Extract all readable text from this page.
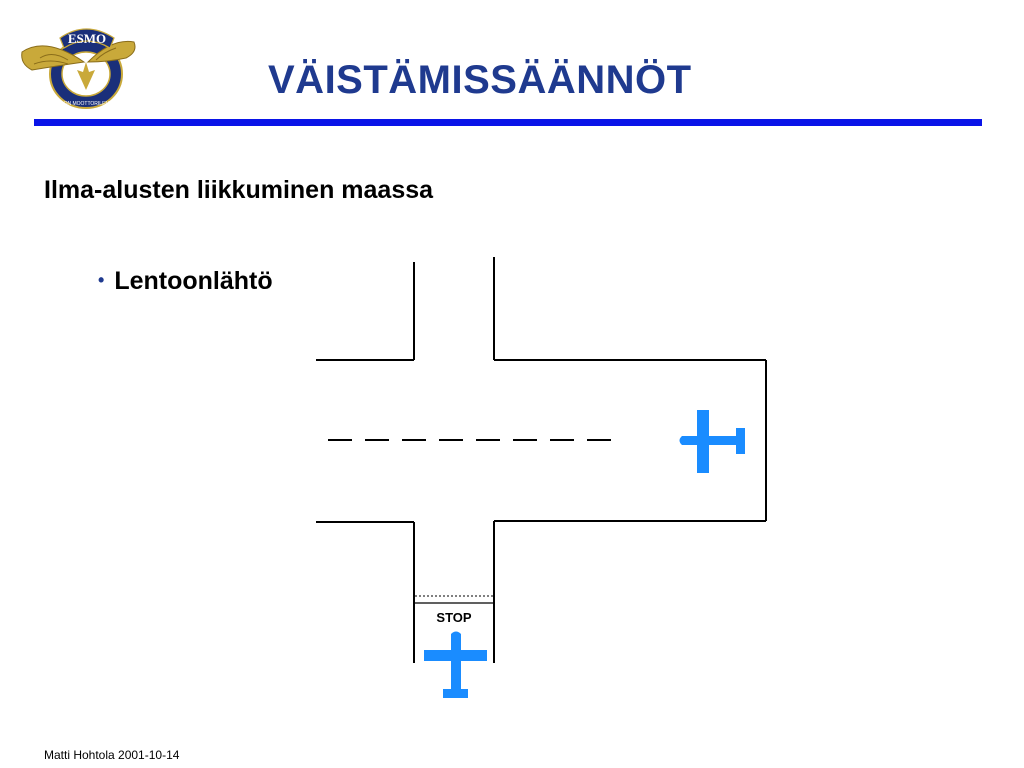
ESMO
ESPOON MOOTTORILENTÄJÄT
VÄISTÄMISSÄÄNNÖT
Ilma-alusten liikkuminen maassa
• Lentoonlähtö
STOP
Matti Hohtola 2001-10-14
